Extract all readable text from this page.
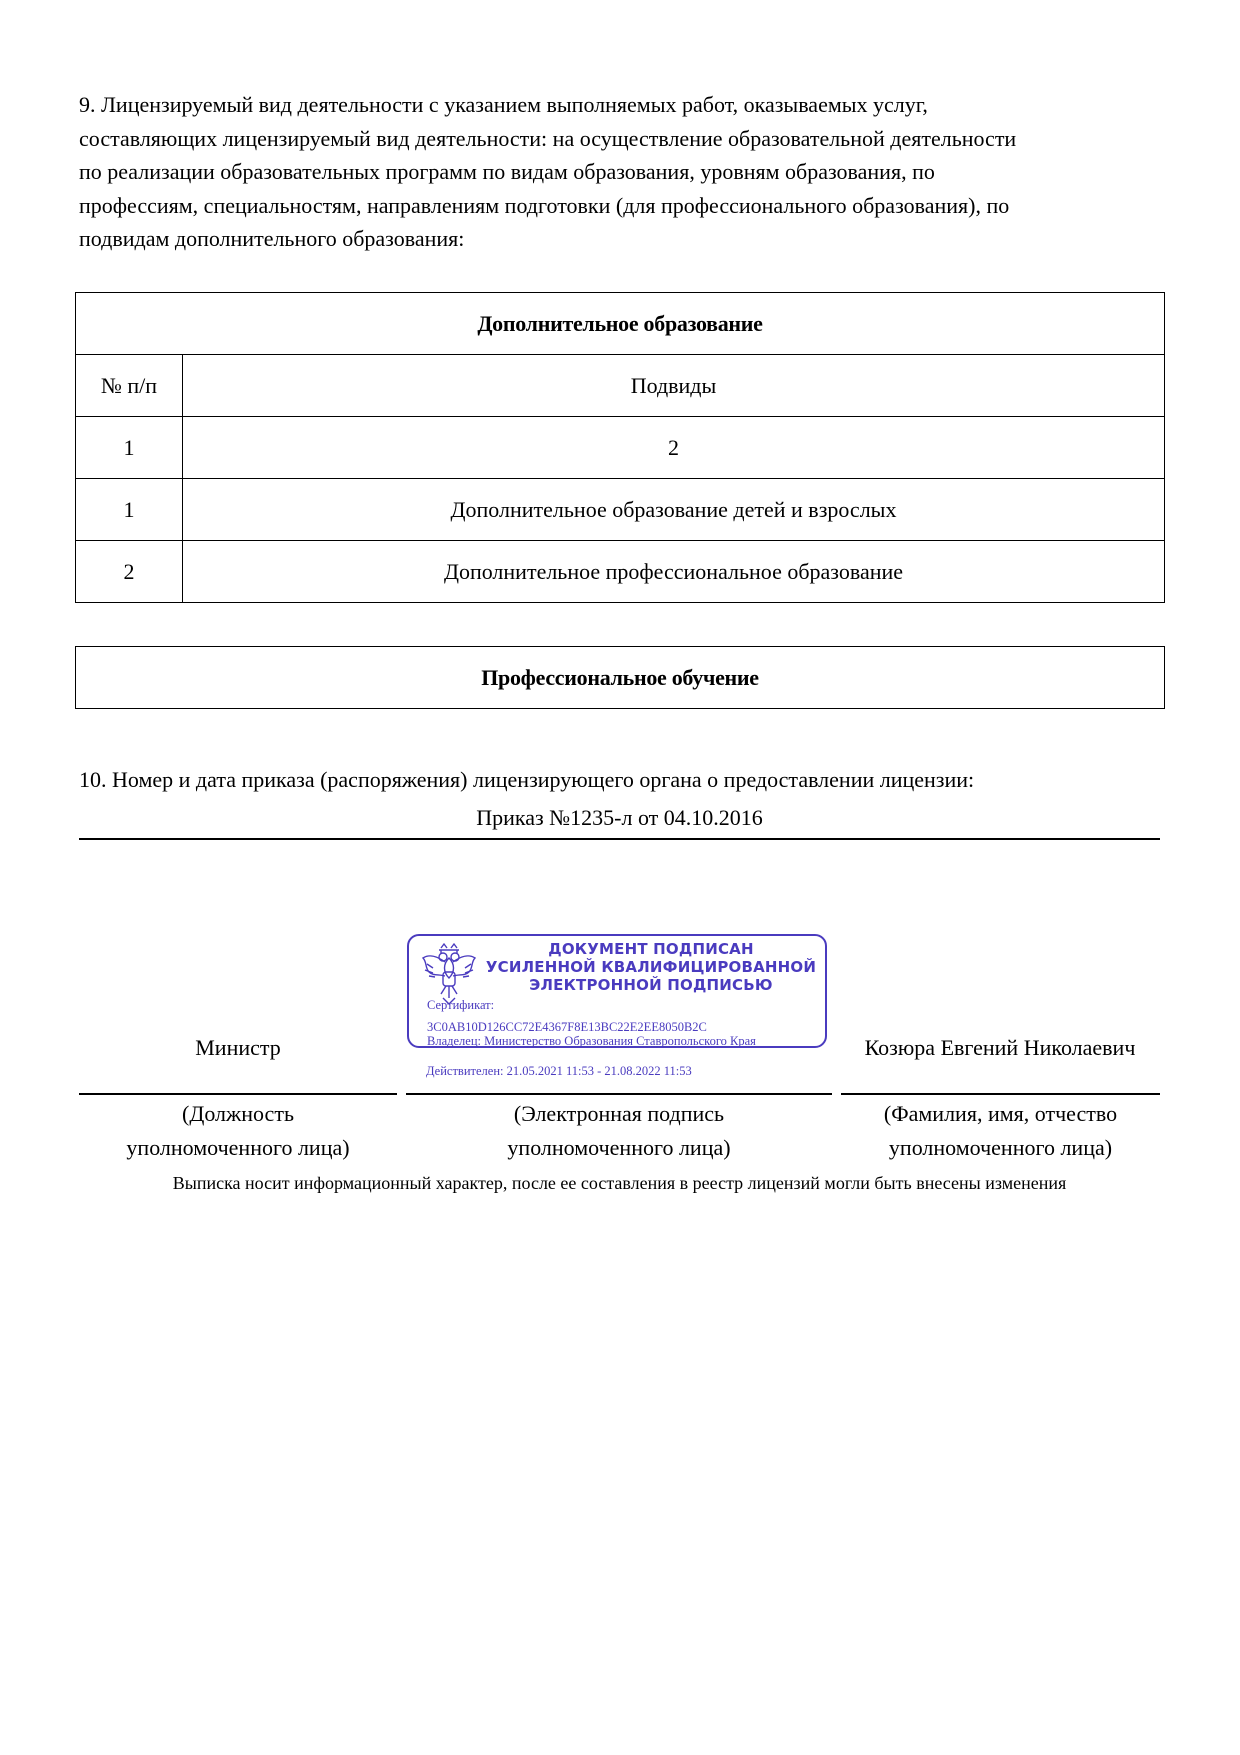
9. Лицензируемый вид деятельности с указанием выполняемых работ, оказываемых услуг,
составляющих лицензируемый вид деятельности: на осуществление образовательной деятельности
по реализации образовательных программ по видам образования, уровням образования, по
профессиям, специальностям, направлениям подготовки (для профессионального образования), по
подвидам дополнительного образования:

Дополнительное образование	
№ п/п	Подвиды
1	2
1	Дополнительное образование детей и взрослых
2	Дополнительное профессиональное образование
Профессиональное обучение

10. Номер и дата приказа (распоряжения) лицензирующего органа о предоставлении лицензии:

Приказ №1235-л от 04.10.2016
ДОКУМЕНТ ПОДПИСАН
УСИЛЕННОЙ КВАЛИФИЦИРОВАННОЙ
ЭЛЕКТРОННОЙ ПОДПИСЬЮ
Сертификат:
3C0AB10D126CC72E4367F8E13BC22E2EE8050B2C
Владелец: Министерство Образования Ставропольского Края
Действителен: 21.05.2021 11:53 - 21.08.2022 11:53
Министр	Козюра Евгений Николаевич
(Должность
уполномоченного лица)
(Электронная подпись
уполномоченного лица)
(Фамилия, имя, отчество
уполномоченного лица)
Выписка носит информационный характер, после ее составления в реестр лицензий могли быть внесены изменения
